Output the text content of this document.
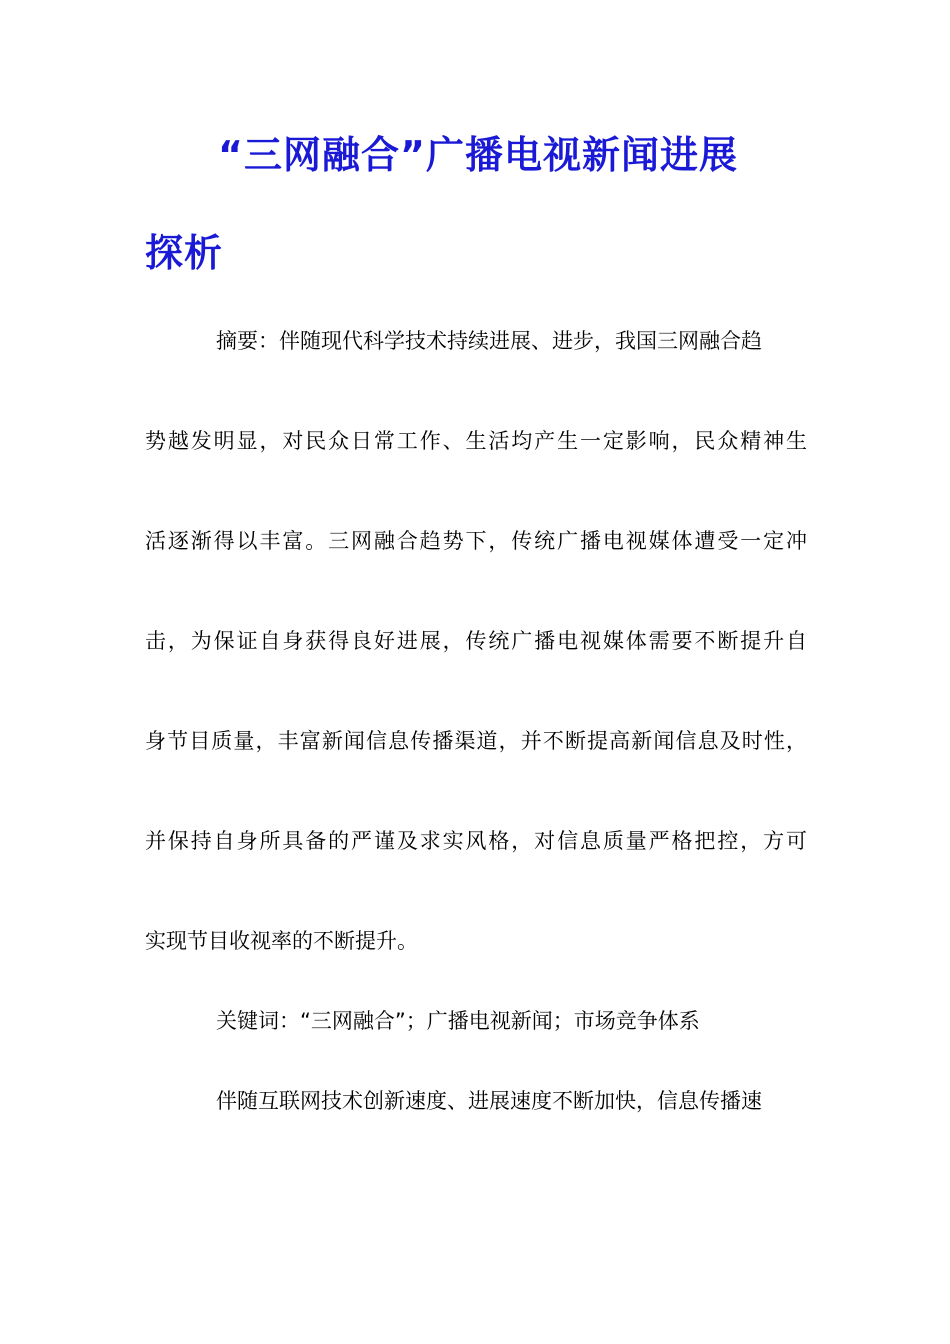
“三网融合”广播电视新闻进展
探析
摘要：伴随现代科学技术持续进展、进步，我国三网融合趋
势越发明显，对民众日常工作、生活均产生一定影响，民众精神生
活逐渐得以丰富。三网融合趋势下，传统广播电视媒体遭受一定冲
击，为保证自身获得良好进展，传统广播电视媒体需要不断提升自
身节目质量，丰富新闻信息传播渠道，并不断提高新闻信息及时性，
并保持自身所具备的严谨及求实风格，对信息质量严格把控，方可
实现节目收视率的不断提升。
关键词：“三网融合”；广播电视新闻；市场竞争体系
伴随互联网技术创新速度、进展速度不断加快，信息传播速
